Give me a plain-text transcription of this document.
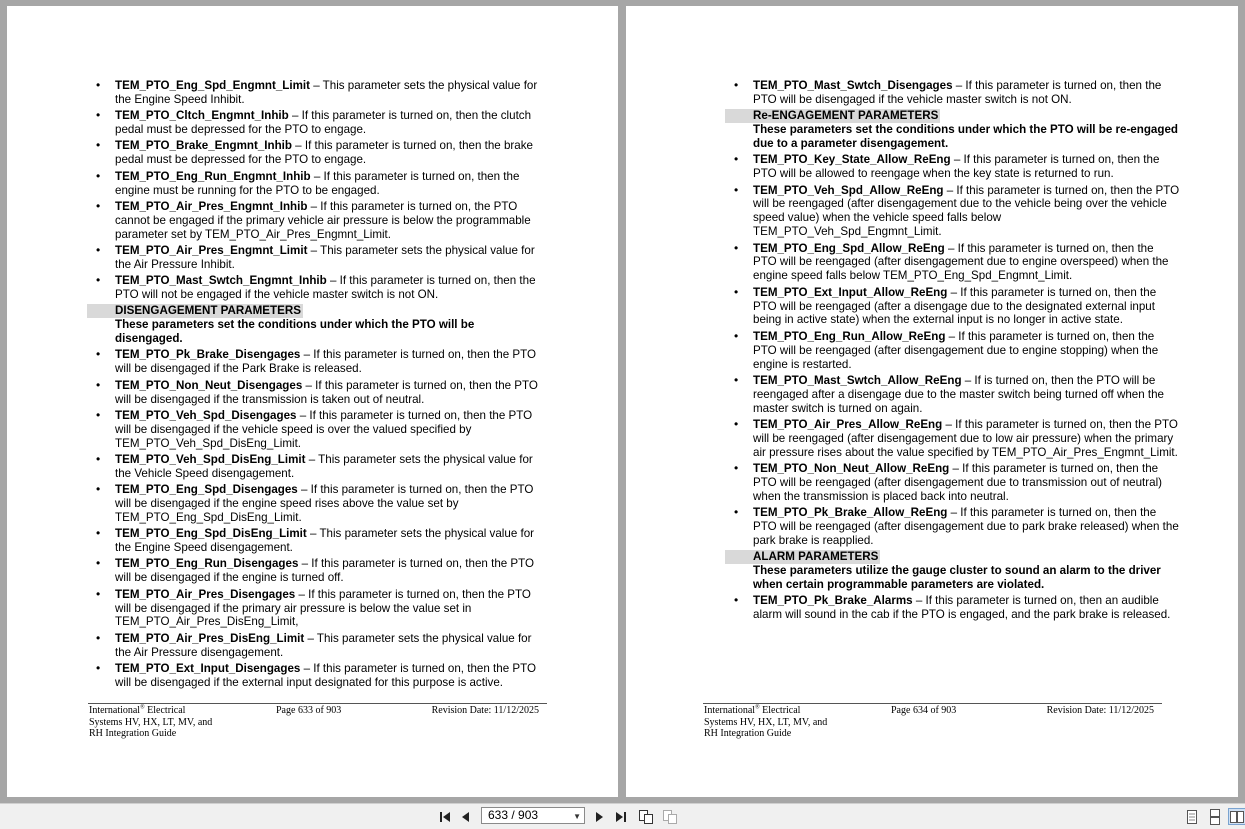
• TEM_PTO_Eng_Spd_Engmnt_Limit – This parameter sets the physical value for the Engine Speed Inhibit.
• TEM_PTO_Cltch_Engmnt_Inhib – If this parameter is turned on, then the clutch pedal must be depressed for the PTO to engage.
• TEM_PTO_Brake_Engmnt_Inhib – If this parameter is turned on, then the brake pedal must be depressed for the PTO to engage.
• TEM_PTO_Eng_Run_Engmnt_Inhib – If this parameter is turned on, then the engine must be running for the PTO to be engaged.
• TEM_PTO_Air_Pres_Engmnt_Inhib – If this parameter is turned on, the PTO cannot be engaged if the primary vehicle air pressure is below the programmable parameter set by TEM_PTO_Air_Pres_Engmnt_Limit.
• TEM_PTO_Air_Pres_Engmnt_Limit – This parameter sets the physical value for the Air Pressure Inhibit.
• TEM_PTO_Mast_Swtch_Engmnt_Inhib – If this parameter is turned on, then the PTO will not be engaged if the vehicle master switch is not ON.
• DISENGAGEMENT PARAMETERS
These parameters set the conditions under which the PTO will be disengaged.
• TEM_PTO_Pk_Brake_Disengages – If this parameter is turned on, then the PTO will be disengaged if the Park Brake is released.
• TEM_PTO_Non_Neut_Disengages – If this parameter is turned on, then the PTO will be disengaged if the transmission is taken out of neutral.
• TEM_PTO_Veh_Spd_Disengages – If this parameter is turned on, then the PTO will be disengaged if the vehicle speed is over the valued specified by TEM_PTO_Veh_Spd_DisEng_Limit.
• TEM_PTO_Veh_Spd_DisEng_Limit – This parameter sets the physical value for the Vehicle Speed disengagement.
• TEM_PTO_Eng_Spd_Disengages – If this parameter is turned on, then the PTO will be disengaged if the engine speed rises above the value set by TEM_PTO_Eng_Spd_DisEng_Limit.
• TEM_PTO_Eng_Spd_DisEng_Limit – This parameter sets the physical value for the Engine Speed disengagement.
• TEM_PTO_Eng_Run_Disengages – If this parameter is turned on, then the PTO will be disengaged if the engine is turned off.
• TEM_PTO_Air_Pres_Disengages – If this parameter is turned on, then the PTO will be disengaged if the primary air pressure is below the value set in TEM_PTO_Air_Pres_DisEng_Limit,
• TEM_PTO_Air_Pres_DisEng_Limit – This parameter sets the physical value for the Air Pressure disengagement.
• TEM_PTO_Ext_Input_Disengages – If this parameter is turned on, then the PTO will be disengaged if the external input designated for this purpose is active.
International® Electrical
Systems HV, HX, LT, MV, and
RH Integration Guide
Page 633 of 903	Revision Date: 11/12/2025
• TEM_PTO_Mast_Swtch_Disengages – If this parameter is turned on, then the PTO will be disengaged if the vehicle master switch is not ON.
• Re-ENGAGEMENT PARAMETERS
These parameters set the conditions under which the PTO will be re-engaged due to a parameter disengagement.
• TEM_PTO_Key_State_Allow_ReEng – If this parameter is turned on, then the PTO will be allowed to reengage when the key state is returned to run.
• TEM_PTO_Veh_Spd_Allow_ReEng – If this parameter is turned on, then the PTO will be reengaged (after disengagement due to the vehicle being over the vehicle speed value) when the vehicle speed falls below TEM_PTO_Veh_Spd_Engmnt_Limit.
• TEM_PTO_Eng_Spd_Allow_ReEng – If this parameter is turned on, then the PTO will be reengaged (after disengagement due to engine overspeed) when the engine speed falls below TEM_PTO_Eng_Spd_Engmnt_Limit.
• TEM_PTO_Ext_Input_Allow_ReEng – If this parameter is turned on, then the PTO will be reengaged (after a disengage due to the designated external input being in active state) when the external input is no longer in active state.
• TEM_PTO_Eng_Run_Allow_ReEng – If this parameter is turned on, then the PTO will be reengaged (after disengagement due to engine stopping) when the engine is restarted.
• TEM_PTO_Mast_Swtch_Allow_ReEng – If is turned on, then the PTO will be reengaged after a disengage due to the master switch being turned off when the master switch is turned on again.
• TEM_PTO_Air_Pres_Allow_ReEng – If this parameter is turned on, then the PTO will be reengaged (after disengagement due to low air pressure) when the primary air pressure rises about the value specified by TEM_PTO_Air_Pres_Engmnt_Limit.
• TEM_PTO_Non_Neut_Allow_ReEng – If this parameter is turned on, then the PTO will be reengaged (after disengagement due to transmission out of neutral) when the transmission is placed back into neutral.
• TEM_PTO_Pk_Brake_Allow_ReEng – If this parameter is turned on, then the PTO will be reengaged (after disengagement due to park brake released) when the park brake is reapplied.
• ALARM PARAMETERS
These parameters utilize the gauge cluster to sound an alarm to the driver when certain programmable parameters are violated.
• TEM_PTO_Pk_Brake_Alarms – If this parameter is turned on, then an audible alarm will sound in the cab if the PTO is engaged, and the park brake is released.
International® Electrical
Systems HV, HX, LT, MV, and
RH Integration Guide
Page 634 of 903	Revision Date: 11/12/2025
633 / 903	▼
